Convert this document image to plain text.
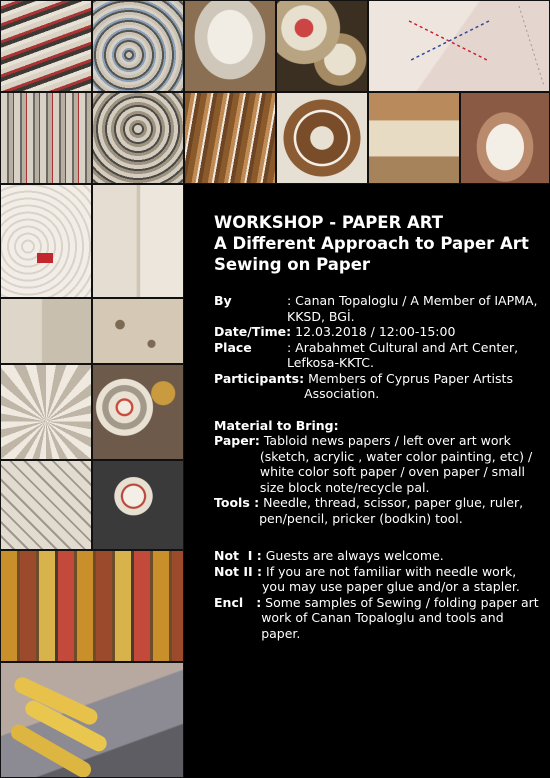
WORKSHOP - PAPER ART
A Different Approach to Paper Art
Sewing on Paper
By	: Canan Topaloglu / A Member of IAPMA, KKSD, BGİ.
Date/Time: 12.03.2018 / 12:00-15:00
Place	: Arabahmet Cultural and Art Center, Lefkosa-KKTC.
Participants: Members of Cyprus Paper Artists Association.
Material to Bring:
Paper: Tabloid news papers / left over art work (sketch, acrylic , water color painting, etc) / white color soft paper / oven paper / small size block note/recycle pal.
Tools : Needle, thread, scissor, paper glue, ruler, pen/pencil, pricker (bodkin) tool.
Not  I : Guests are always welcome.
Not II : If you are not familiar with needle work, you may use paper glue and/or a stapler.
Encl   : Some samples of Sewing / folding paper art work of Canan Topaloglu and tools and paper.
